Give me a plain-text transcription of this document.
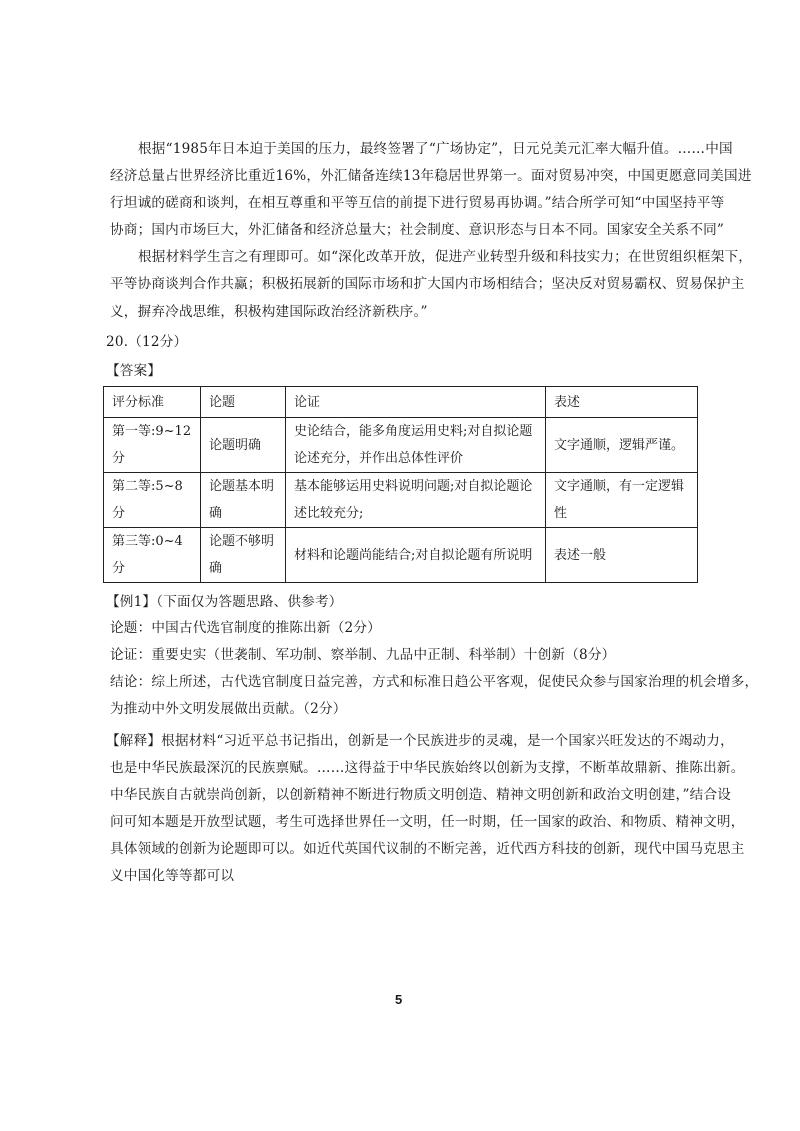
根据“1985年日本迫于美国的压力，最终签署了“广场协定”，日元兑美元汇率大幅升值。……中国
经济总量占世界经济比重近16%，外汇储备连续13年稳居世界第一。面对贸易冲突，中国更愿意同美国进
行坦诚的磋商和谈判，在相互尊重和平等互信的前提下进行贸易再协调。”结合所学可知“中国坚持平等
协商；国内市场巨大，外汇储备和经济总量大；社会制度、意识形态与日本不同。国家安全关系不同”
根据材料学生言之有理即可。如“深化改革开放，促进产业转型升级和科技实力；在世贸组织框架下，
平等协商谈判合作共赢；积极拓展新的国际市场和扩大国内市场相结合；坚决反对贸易霸权、贸易保护主
义，摒弃冷战思维，积极构建国际政治经济新秩序。”
20.（12分）
【答案】
评分标准	论题	论证	表述
第一等:9~12分	论题明确	史论结合，能多角度运用史料;对自拟论题论述充分，并作出总体性评价	文字通顺，逻辑严谨。
第二等:5~8分	论题基本明确	基本能够运用史料说明问题;对自拟论题论述比较充分;	文字通顺，有一定逻辑性
第三等:0~4分	论题不够明确	材料和论题尚能结合;对自拟论题有所说明	表述一般
【例1】（下面仅为答题思路、供参考）
论题：中国古代选官制度的推陈出新（2分）
论证：重要史实（世袭制、军功制、察举制、九品中正制、科举制）十创新（8分）
结论：综上所述，古代选官制度日益完善，方式和标准日趋公平客观，促使民众参与国家治理的机会增多，
为推动中外文明发展做出贡献。（2分）
【解释】根据材料“习近平总书记指出，创新是一个民族进步的灵魂，是一个国家兴旺发达的不竭动力，
也是中华民族最深沉的民族禀赋。……这得益于中华民族始终以创新为支撑，不断革故鼎新、推陈出新。
中华民族自古就崇尚创新，以创新精神不断进行物质文明创造、精神文明创新和政治文明创建，”结合设
问可知本题是开放型试题，考生可选择世界任一文明，任一时期，任一国家的政治、和物质、精神文明，
具体领域的创新为论题即可以。如近代英国代议制的不断完善，近代西方科技的创新，现代中国马克思主
义中国化等等都可以
5
